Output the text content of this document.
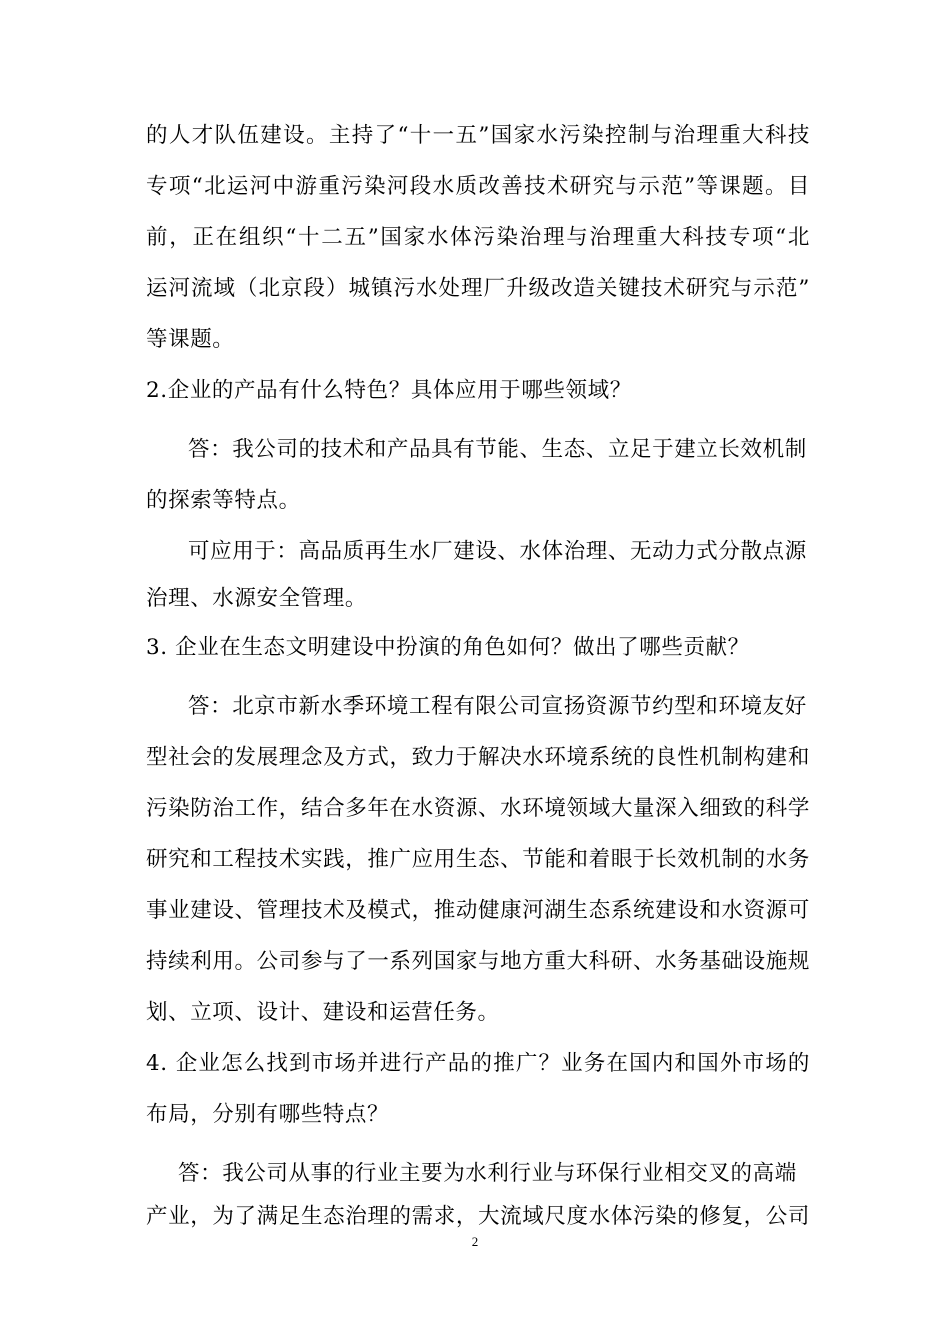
的人才队伍建设。主持了“十一五”国家水污染控制与治理重大科技
专项“北运河中游重污染河段水质改善技术研究与示范”等课题。目
前，正在组织“十二五”国家水体污染治理与治理重大科技专项“北
运河流域（北京段）城镇污水处理厂升级改造关键技术研究与示范”
等课题。
2.企业的产品有什么特色？具体应用于哪些领域？
答：我公司的技术和产品具有节能、生态、立足于建立长效机制
的探索等特点。
可应用于：高品质再生水厂建设、水体治理、无动力式分散点源
治理、水源安全管理。
3. 企业在生态文明建设中扮演的角色如何？做出了哪些贡献？
答：北京市新水季环境工程有限公司宣扬资源节约型和环境友好
型社会的发展理念及方式，致力于解决水环境系统的良性机制构建和
污染防治工作，结合多年在水资源、水环境领域大量深入细致的科学
研究和工程技术实践，推广应用生态、节能和着眼于长效机制的水务
事业建设、管理技术及模式，推动健康河湖生态系统建设和水资源可
持续利用。公司参与了一系列国家与地方重大科研、水务基础设施规
划、立项、设计、建设和运营任务。
4. 企业怎么找到市场并进行产品的推广？业务在国内和国外市场的
布局，分别有哪些特点？
答：我公司从事的行业主要为水利行业与环保行业相交叉的高端
产业，为了满足生态治理的需求，大流域尺度水体污染的修复，公司
2
